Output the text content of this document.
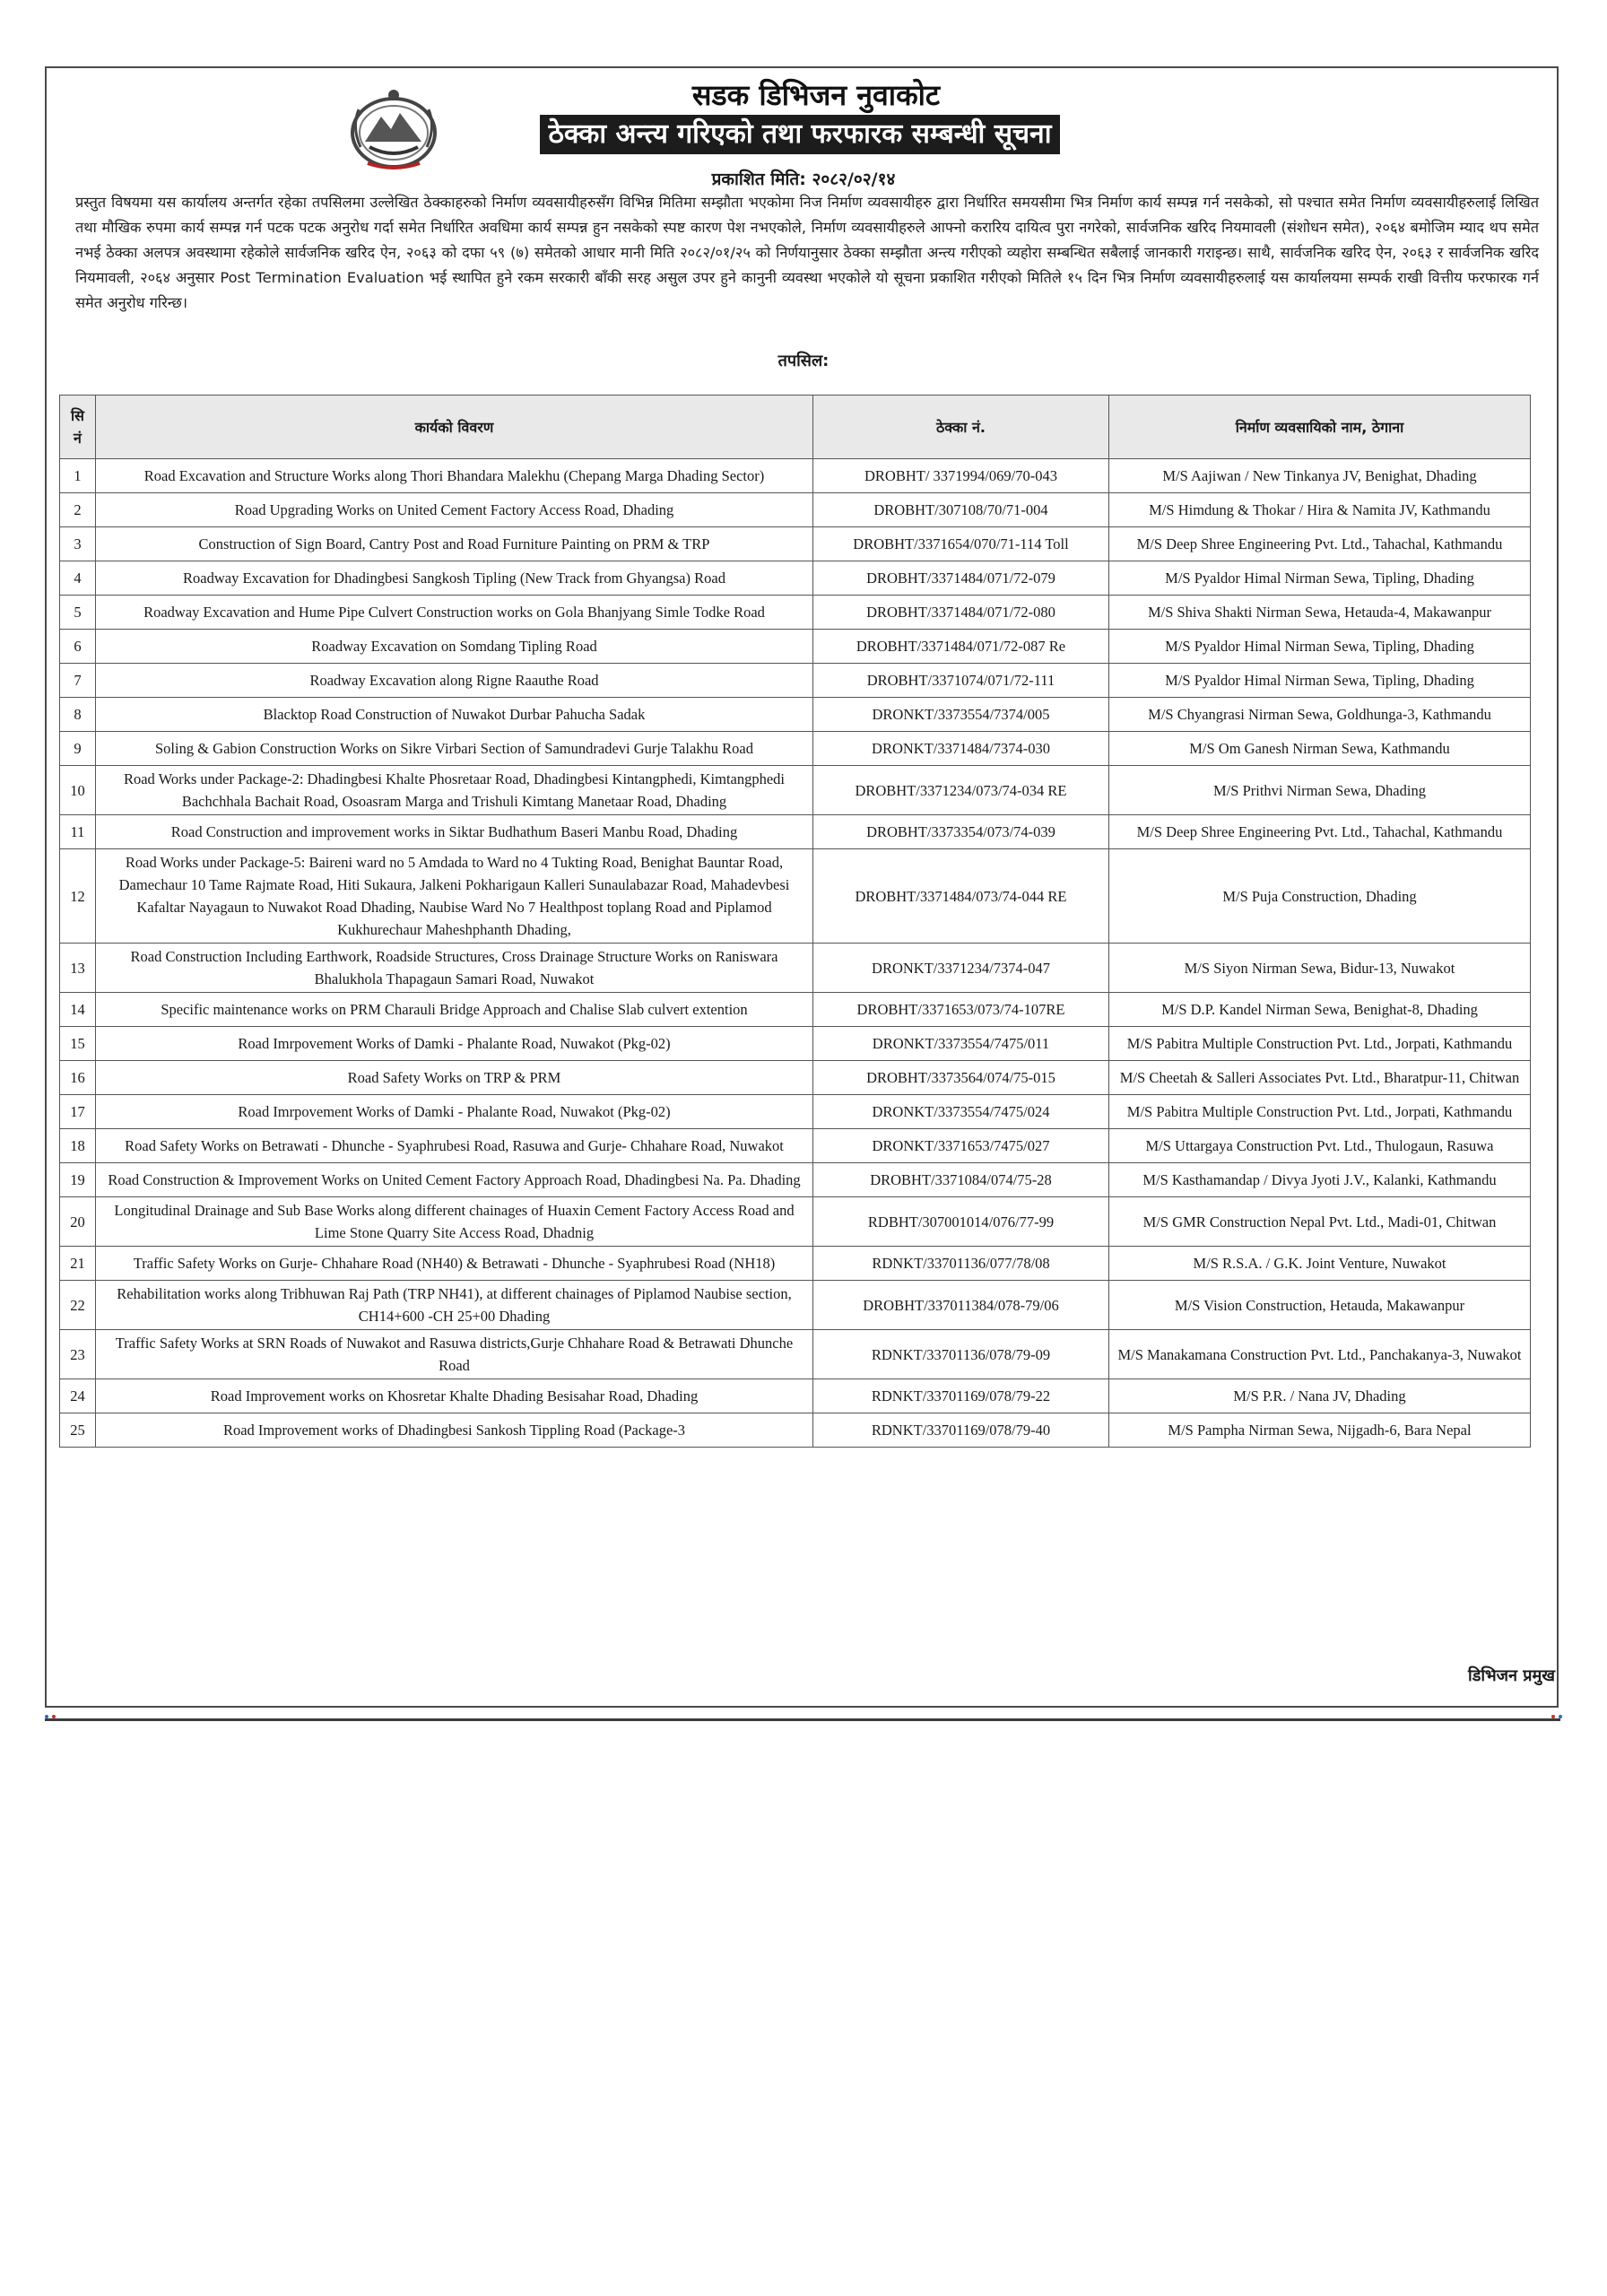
सडक डिभिजन नुवाकोट
ठेक्का अन्त्य गरिएको तथा फरफारक सम्बन्धी सूचना
प्रकाशित मिति: २०८२/०२/१४
प्रस्तुत विषयमा यस कार्यालय अन्तर्गत रहेका तपसिलमा उल्लेखित ठेक्काहरुको निर्माण व्यवसायीहरुसँग विभिन्न मितिमा सम्झौता भएकोमा निज निर्माण व्यवसायीहरु द्वारा निर्धारित समयसीमा भित्र निर्माण कार्य सम्पन्न गर्न नसकेको, सो पश्चात समेत निर्माण व्यवसायीहरुलाई लिखित तथा मौखिक रुपमा कार्य सम्पन्न गर्न पटक पटक अनुरोध गर्दा समेत निर्धारित अवधिमा कार्य सम्पन्न हुन नसकेको स्पष्ट कारण पेश नभएकोले, निर्माण व्यवसायीहरुले आफ्नो करारिय दायित्व पुरा नगरेको, सार्वजनिक खरिद नियमावली (संशोधन समेत), २०६४ बमोजिम म्याद थप समेत नभई ठेक्का अलपत्र अवस्थामा रहेकोले सार्वजनिक खरिद ऐन, २०६३ को दफा ५९ (७) समेतको आधार मानी मिति २०८२/०१/२५ को निर्णयानुसार ठेक्का सम्झौता अन्त्य गरीएको व्यहोरा सम्बन्धित सबैलाई जानकारी गराइन्छ। साथै, सार्वजनिक खरिद ऐन, २०६३ र सार्वजनिक खरिद नियमावली, २०६४ अनुसार Post Termination Evaluation भई स्थापित हुने रकम सरकारी बाँकी सरह असुल उपर हुने कानुनी व्यवस्था भएकोले यो सूचना प्रकाशित गरीएको मितिले १५ दिन भित्र निर्माण व्यवसायीहरुलाई यस कार्यालयमा सम्पर्क राखी वित्तीय फरफारक गर्न समेत अनुरोध गरिन्छ।
तपसिल:
सि
नं	कार्यको विवरण	ठेक्का नं.	निर्माण व्यवसायिको नाम, ठेगाना
1	Road Excavation and Structure Works along Thori Bhandara Malekhu (Chepang Marga Dhading Sector)	DROBHT/ 3371994/069/70-043	M/S Aajiwan / New Tinkanya JV, Benighat, Dhading
2	Road Upgrading Works on United Cement Factory Access Road, Dhading	DROBHT/307108/70/71-004	M/S Himdung & Thokar / Hira & Namita JV, Kathmandu
3	Construction of Sign Board, Cantry Post and Road Furniture Painting on PRM & TRP	DROBHT/3371654/070/71-114 Toll	M/S Deep Shree Engineering Pvt. Ltd., Tahachal, Kathmandu
4	Roadway Excavation for Dhadingbesi Sangkosh Tipling (New Track from Ghyangsa) Road	DROBHT/3371484/071/72-079	M/S Pyaldor Himal Nirman Sewa, Tipling, Dhading
5	Roadway Excavation and Hume Pipe Culvert Construction works on Gola Bhanjyang Simle Todke Road	DROBHT/3371484/071/72-080	M/S Shiva Shakti Nirman Sewa, Hetauda-4, Makawanpur
6	Roadway Excavation on Somdang Tipling Road	DROBHT/3371484/071/72-087 Re	M/S Pyaldor Himal Nirman Sewa, Tipling, Dhading
7	Roadway Excavation along Rigne Raauthe Road	DROBHT/3371074/071/72-111	M/S Pyaldor Himal Nirman Sewa, Tipling, Dhading
8	Blacktop Road Construction of Nuwakot Durbar Pahucha Sadak	DRONKT/3373554/7374/005	M/S Chyangrasi Nirman Sewa, Goldhunga-3, Kathmandu
9	Soling & Gabion Construction Works on Sikre Virbari Section of Samundradevi Gurje Talakhu Road	DRONKT/3371484/7374-030	M/S Om Ganesh Nirman Sewa, Kathmandu
10	Road Works under Package-2: Dhadingbesi Khalte Phosretaar Road, Dhadingbesi Kintangphedi, Kimtangphedi Bachchhala Bachait Road, Osoasram Marga and Trishuli Kimtang Manetaar Road, Dhading	DROBHT/3371234/073/74-034 RE	M/S Prithvi Nirman Sewa, Dhading
11	Road Construction and improvement works in Siktar Budhathum Baseri Manbu Road, Dhading	DROBHT/3373354/073/74-039	M/S Deep Shree Engineering Pvt. Ltd., Tahachal, Kathmandu
12	Road Works under Package-5: Baireni ward no 5 Amdada to Ward no 4 Tukting Road, Benighat Bauntar Road, Damechaur 10 Tame Rajmate Road, Hiti Sukaura, Jalkeni Pokharigaun Kalleri Sunaulabazar Road, Mahadevbesi Kafaltar Nayagaun to Nuwakot Road Dhading, Naubise Ward No 7 Healthpost toplang Road and Piplamod Kukhurechaur Maheshphanth Dhading,	DROBHT/3371484/073/74-044 RE	M/S Puja Construction, Dhading
13	Road Construction Including Earthwork, Roadside Structures, Cross Drainage Structure Works on Raniswara Bhalukhola Thapagaun Samari Road, Nuwakot	DRONKT/3371234/7374-047	M/S Siyon Nirman Sewa, Bidur-13, Nuwakot
14	Specific maintenance works on PRM Charauli Bridge Approach and Chalise Slab culvert extention	DROBHT/3371653/073/74-107RE	M/S D.P. Kandel Nirman Sewa, Benighat-8, Dhading
15	Road Imrpovement Works of Damki - Phalante Road, Nuwakot (Pkg-02)	DRONKT/3373554/7475/011	M/S Pabitra Multiple Construction Pvt. Ltd., Jorpati, Kathmandu
16	Road Safety Works on TRP & PRM	DROBHT/3373564/074/75-015	M/S Cheetah & Salleri Associates Pvt. Ltd., Bharatpur-11, Chitwan
17	Road Imrpovement Works of Damki - Phalante Road, Nuwakot (Pkg-02)	DRONKT/3373554/7475/024	M/S Pabitra Multiple Construction Pvt. Ltd., Jorpati, Kathmandu
18	Road Safety Works on Betrawati - Dhunche - Syaphrubesi Road, Rasuwa and Gurje- Chhahare Road, Nuwakot	DRONKT/3371653/7475/027	M/S Uttargaya Construction Pvt. Ltd., Thulogaun, Rasuwa
19	Road Construction & Improvement Works on United Cement Factory Approach Road, Dhadingbesi Na. Pa. Dhading	DROBHT/3371084/074/75-28	M/S Kasthamandap / Divya Jyoti J.V., Kalanki, Kathmandu
20	Longitudinal Drainage and Sub Base Works along different chainages of Huaxin Cement Factory Access Road and Lime Stone Quarry Site Access Road, Dhadnig	RDBHT/307001014/076/77-99	M/S GMR Construction Nepal Pvt. Ltd., Madi-01, Chitwan
21	Traffic Safety Works on Gurje- Chhahare Road (NH40) & Betrawati - Dhunche - Syaphrubesi Road (NH18)	RDNKT/33701136/077/78/08	M/S R.S.A. / G.K. Joint Venture, Nuwakot
22	Rehabilitation works along Tribhuwan Raj Path (TRP NH41), at different chainages of Piplamod Naubise section, CH14+600 -CH 25+00 Dhading	DROBHT/337011384/078-79/06	M/S Vision Construction, Hetauda, Makawanpur
23	Traffic Safety Works at SRN Roads of Nuwakot and Rasuwa districts,Gurje Chhahare Road & Betrawati Dhunche Road	RDNKT/33701136/078/79-09	M/S Manakamana Construction Pvt. Ltd., Panchakanya-3, Nuwakot
24	Road Improvement works on Khosretar Khalte Dhading Besisahar Road, Dhading	RDNKT/33701169/078/79-22	M/S P.R. / Nana JV, Dhading
25	Road Improvement works of Dhadingbesi Sankosh Tippling Road (Package-3	RDNKT/33701169/078/79-40	M/S Pampha Nirman Sewa, Nijgadh-6, Bara Nepal
डिभिजन प्रमुख
